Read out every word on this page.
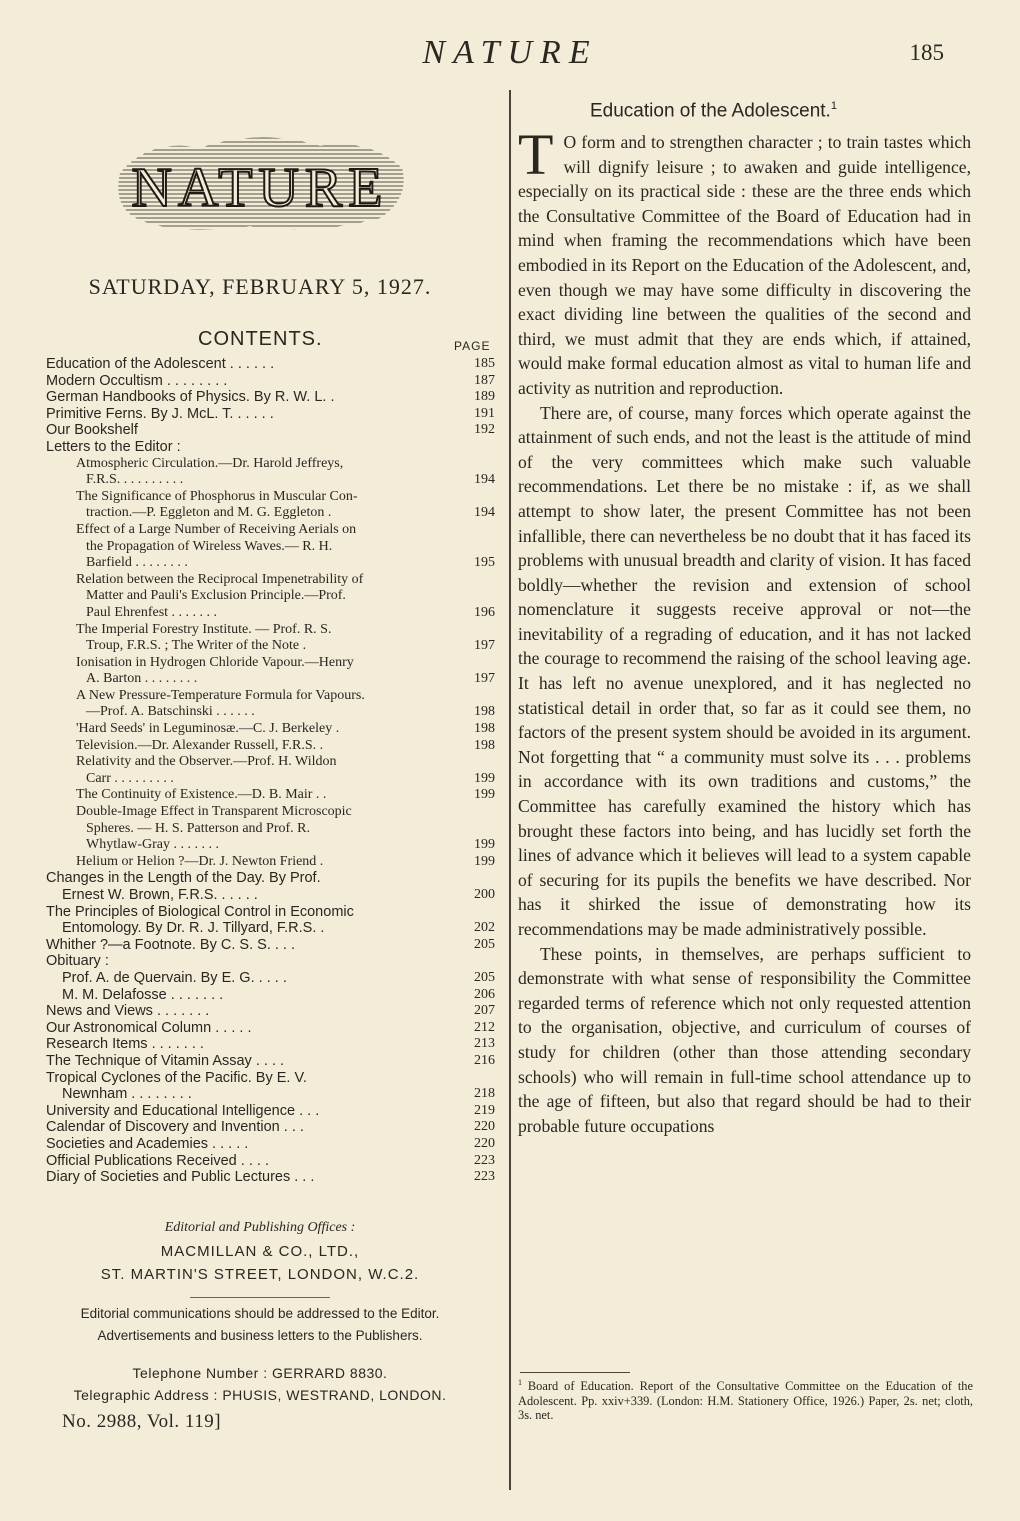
NATURE	185
NATURE
SATURDAY, FEBRUARY 5, 1927.
CONTENTS.	PAGE
Education of the Adolescent . . . . . .	185
Modern Occultism . . . . . . . .	187
German Handbooks of Physics. By R. W. L. .	189
Primitive Ferns. By J. McL. T. . . . . .	191
Our Bookshelf	192
Letters to the Editor :
Atmospheric Circulation.—Dr. Harold Jeffreys,
F.R.S. . . . . . . . . .	194
The Significance of Phosphorus in Muscular Con-
traction.—P. Eggleton and M. G. Eggleton .	194
Effect of a Large Number of Receiving Aerials on
the Propagation of Wireless Waves.— R. H.
Barfield . . . . . . . .	195
Relation between the Reciprocal Impenetrability of
Matter and Pauli's Exclusion Principle.—Prof.
Paul Ehrenfest . . . . . . .	196
The Imperial Forestry Institute. — Prof. R. S.
Troup, F.R.S. ; The Writer of the Note .	197
Ionisation in Hydrogen Chloride Vapour.—Henry
A. Barton . . . . . . . .	197
A New Pressure-Temperature Formula for Vapours.
—Prof. A. Batschinski . . . . . .	198
'Hard Seeds' in Leguminosæ.—C. J. Berkeley .	198
Television.—Dr. Alexander Russell, F.R.S. .	198
Relativity and the Observer.—Prof. H. Wildon
Carr . . . . . . . . .	199
The Continuity of Existence.—D. B. Mair . .	199
Double-Image Effect in Transparent Microscopic
Spheres. — H. S. Patterson and Prof. R.
Whytlaw-Gray . . . . . . .	199
Helium or Helion ?—Dr. J. Newton Friend .	199
Changes in the Length of the Day. By Prof.
Ernest W. Brown, F.R.S. . . . . .	200
The Principles of Biological Control in Economic
Entomology. By Dr. R. J. Tillyard, F.R.S. .	202
Whither ?—a Footnote. By C. S. S. . . .	205
Obituary :
Prof. A. de Quervain. By E. G. . . . .	205
M. M. Delafosse . . . . . . .	206
News and Views . . . . . . .	207
Our Astronomical Column . . . . .	212
Research Items . . . . . . .	213
The Technique of Vitamin Assay . . . .	216
Tropical Cyclones of the Pacific. By E. V.
Newnham . . . . . . . .	218
University and Educational Intelligence . . .	219
Calendar of Discovery and Invention . . .	220
Societies and Academies . . . . .	220
Official Publications Received . . . .	223
Diary of Societies and Public Lectures . . .	223
Editorial and Publishing Offices :
MACMILLAN & CO., LTD.,
ST. MARTIN'S STREET, LONDON, W.C.2.
Editorial communications should be addressed to the Editor.
Advertisements and business letters to the Publishers.
Telephone Number : GERRARD 8830.
Telegraphic Address : PHUSIS, WESTRAND, LONDON.
No. 2988, Vol. 119]
Education of the Adolescent.$^1$

T O form and to strengthen character ; to train tastes which will dignify leisure ; to awaken and guide intelligence, especially on its practical side : these are the three ends which the Consultative Committee of the Board of Education had in mind when framing the recommendations which have been embodied in its Report on the Education of the Adolescent, and, even though we may have some difficulty in discovering the exact dividing line between the qualities of the second and third, we must admit that they are ends which, if attained, would make formal education almost as vital to human life and activity as nutrition and reproduction.

There are, of course, many forces which operate against the attainment of such ends, and not the least is the attitude of mind of the very committees which make such valuable recommendations. Let there be no mistake : if, as we shall attempt to show later, the present Committee has not been infallible, there can nevertheless be no doubt that it has faced its problems with unusual breadth and clarity of vision. It has faced boldly—whether the revision and extension of school nomenclature it suggests receive approval or not—the inevitability of a regrading of education, and it has not lacked the courage to recommend the raising of the school leaving age. It has left no avenue unexplored, and it has neglected no statistical detail in order that, so far as it could see them, no factors of the present system should be avoided in its argument. Not forgetting that “ a community must solve its . . . problems in accordance with its own traditions and customs,” the Committee has carefully examined the history which has brought these factors into being, and has lucidly set forth the lines of advance which it believes will lead to a system capable of securing for its pupils the benefits we have described. Nor has it shirked the issue of demonstrating how its recommendations may be made administratively possible.

These points, in themselves, are perhaps sufficient to demonstrate with what sense of responsibility the Committee regarded terms of reference which not only requested attention to the organisation, objective, and curriculum of courses of study for children (other than those attending secondary schools) who will remain in full-time school attendance up to the age of fifteen, but also that regard should be had to their probable future occupations

$^1$ Board of Education. Report of the Consultative Committee on the Education of the Adolescent. Pp. xxiv+339. (London: H.M. Stationery Office, 1926.) Paper, 2s. net; cloth, 3s. net.
